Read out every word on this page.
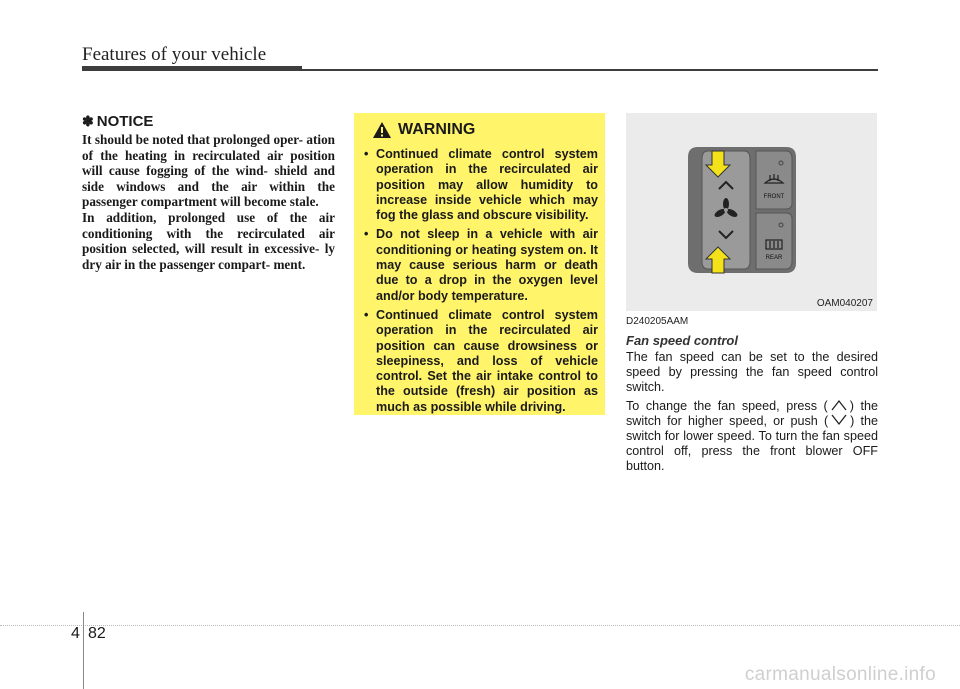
Features of your vehicle
✽ NOTICE

It should be noted that prolonged oper- ation of the heating in recirculated air position will cause fogging of the wind- shield and side windows and the air within the passenger compartment will become stale.

In addition, prolonged use of the air conditioning with the recirculated air position selected, will result in excessive- ly dry air in the passenger compart- ment.

WARNING
• Continued climate control system operation in the recirculated air position may allow humidity to increase inside vehicle which may fog the glass and obscure visibility.
• Do not sleep in a vehicle with air conditioning or heating system on. It may cause serious harm or death due to a drop in the oxygen level and/or body temperature.
• Continued climate control system operation in the recirculated air position can cause drowsiness or sleepiness, and loss of vehicle control. Set the air intake control to the outside (fresh) air position as much as possible while driving.
FRONT
REAR
OAM040207
D240205AAM
Fan speed control

The fan speed can be set to the desired speed by pressing the fan speed control switch.

To change the fan speed, press ( ) the switch for higher speed, or push ( ) the switch for lower speed. To turn the fan speed control off, press the front blower OFF button.

4 82
carmanualsonline.info
